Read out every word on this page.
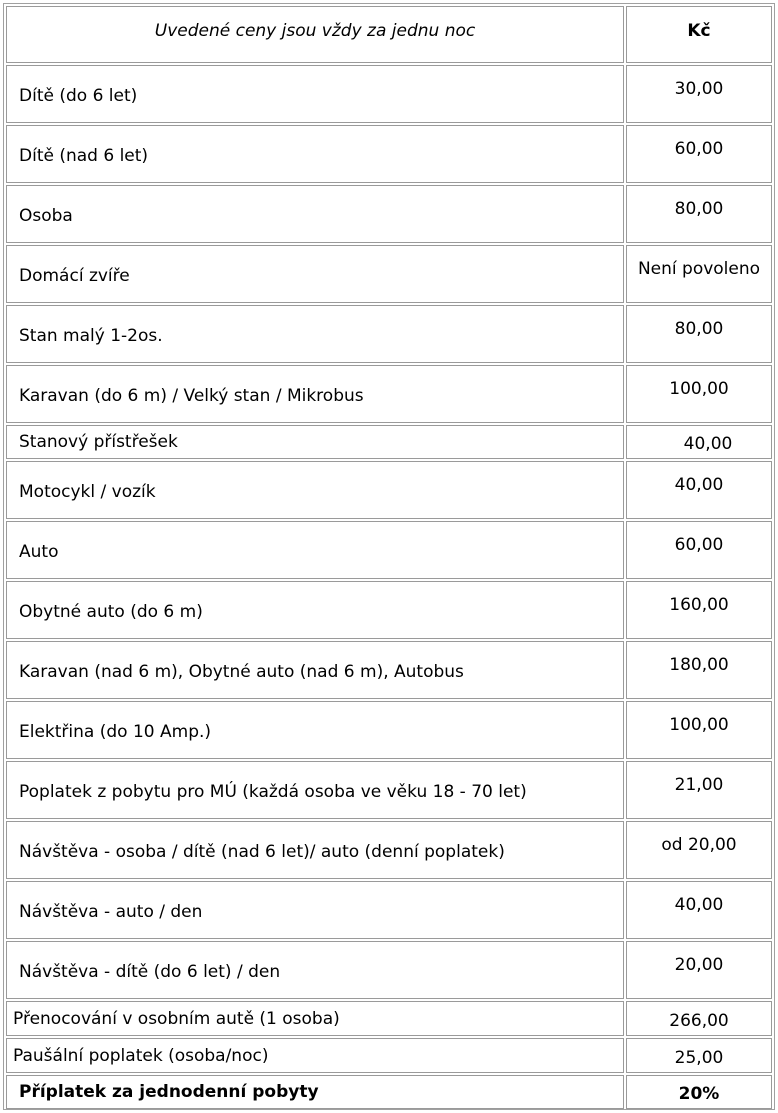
Uvedené ceny jsou vždy za jednu noc	Kč
Dítě (do 6 let)	30,00
Dítě (nad 6 let)	60,00
Osoba	80,00
Domácí zvíře	Není povoleno
Stan malý 1-2os.	80,00
Karavan (do 6 m) / Velký stan / Mikrobus	100,00
Stanový přístřešek	40,00
Motocykl / vozík	40,00
Auto	60,00
Obytné auto (do 6 m)	160,00
Karavan (nad 6 m), Obytné auto (nad 6 m), Autobus	180,00
Elektřina (do 10 Amp.)	100,00
Poplatek z pobytu pro MÚ (každá osoba ve věku 18 - 70 let)	21,00
Návštěva - osoba / dítě (nad 6 let)/ auto (denní poplatek)	od 20,00
Návštěva - auto / den	40,00
Návštěva - dítě (do 6 let) / den	20,00
Přenocování v osobním autě (1 osoba)	266,00
Paušální poplatek (osoba/noc)	25,00
Příplatek za jednodenní pobyty	20%
